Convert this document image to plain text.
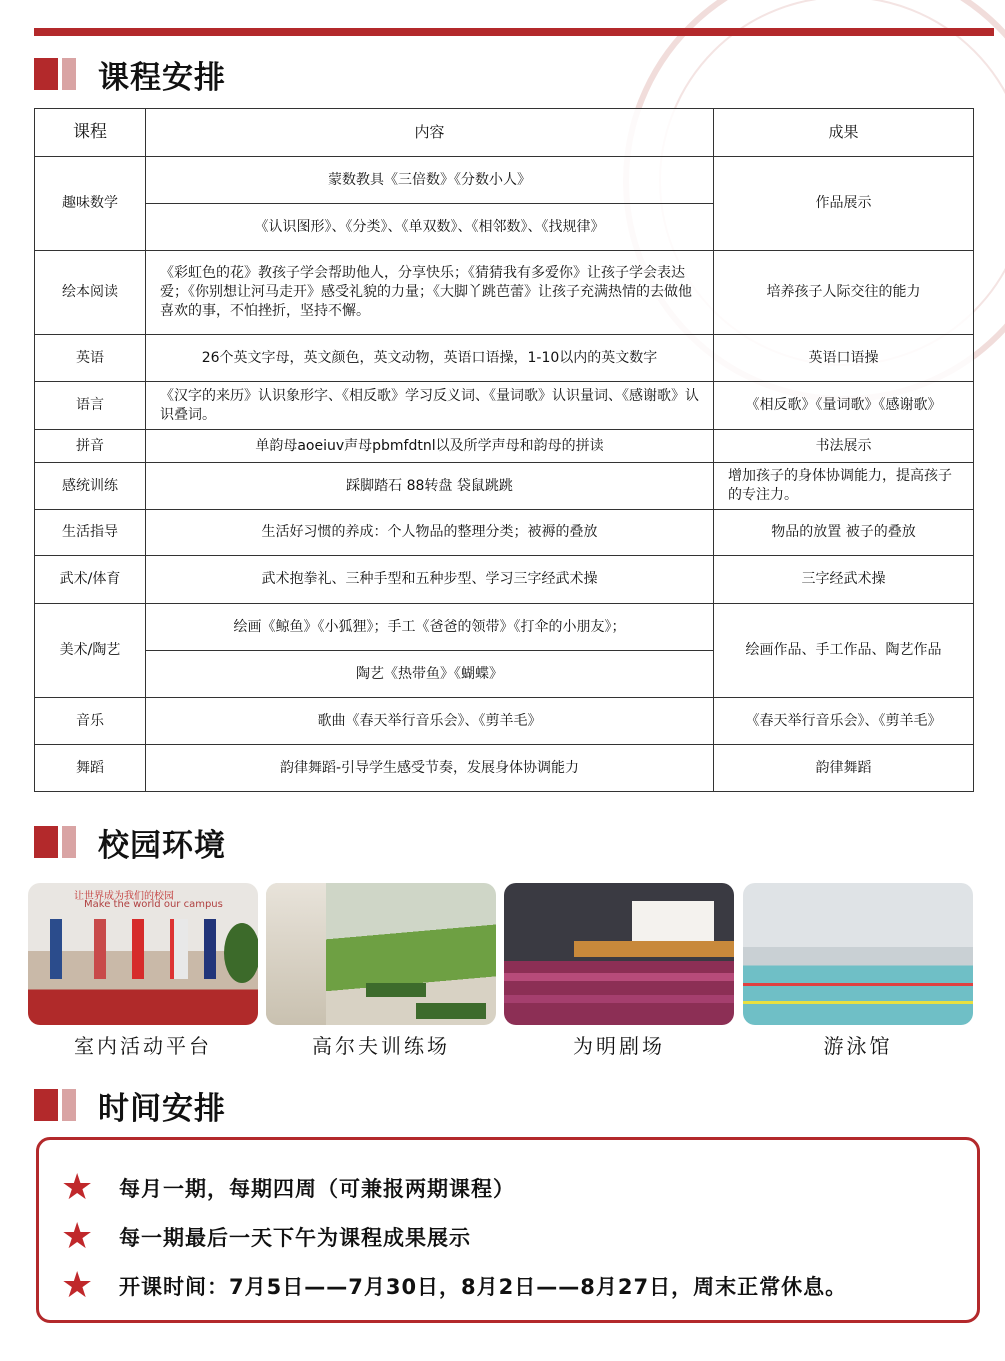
课程安排
课程	内容	成果
趣味数学	蒙数教具《三倍数》《分数小人》	作品展示
	《认识图形》、《分类》、《单双数》、《相邻数》、《找规律》	
绘本阅读	《彩虹色的花》教孩子学会帮助他人，分享快乐；《猜猜我有多爱你》让孩子学会表达爱；《你别想让河马走开》感受礼貌的力量；《大脚丫跳芭蕾》让孩子充满热情的去做他喜欢的事，不怕挫折，坚持不懈。	培养孩子人际交往的能力
英语	26个英文字母，英文颜色，英文动物，英语口语操，1-10以内的英文数字	英语口语操
语言	《汉字的来历》认识象形字、《相反歌》学习反义词、《量词歌》认识量词、《感谢歌》认识叠词。	《相反歌》《量词歌》《感谢歌》
拼音	单韵母aoeiuv声母pbmfdtnl以及所学声母和韵母的拼读	书法展示
感统训练	踩脚踏石 88转盘 袋鼠跳跳	增加孩子的身体协调能力，提高孩子的专注力。
生活指导	生活好习惯的养成：个人物品的整理分类；被褥的叠放	物品的放置 被子的叠放
武术/体育	武术抱拳礼、三种手型和五种步型、学习三字经武术操	三字经武术操
美术/陶艺	绘画《鲸鱼》《小狐狸》；手工《爸爸的领带》《打伞的小朋友》；	绘画作品、手工作品、陶艺作品
	陶艺《热带鱼》《蝴蝶》	
音乐	歌曲《春天举行音乐会》、《剪羊毛》	《春天举行音乐会》、《剪羊毛》
舞蹈	韵律舞蹈-引导学生感受节奏，发展身体协调能力	韵律舞蹈
校园环境
让世界成为我们的校园
Make the world our campus
室内活动平台	高尔夫训练场	为明剧场	游泳馆
时间安排
★	每月一期，每期四周（可兼报两期课程）
★	每一期最后一天下午为课程成果展示
★	开课时间：7月5日——7月30日，8月2日——8月27日，周末正常休息。
